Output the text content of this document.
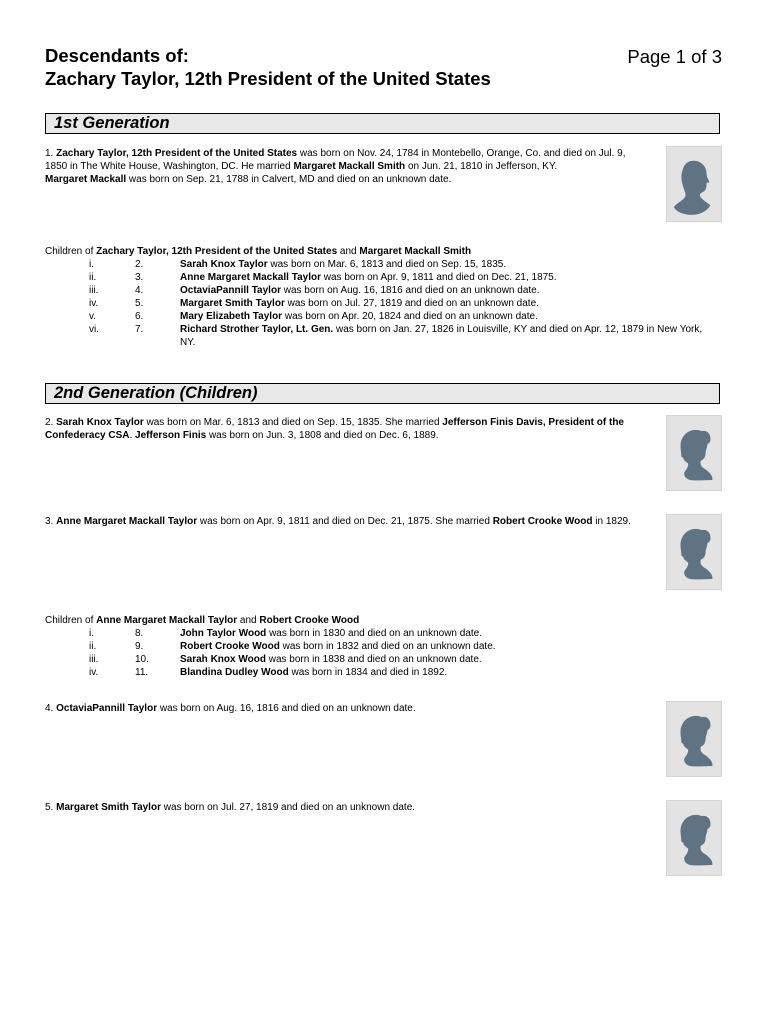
Descendants of:
Zachary Taylor, 12th President of the United States
Page 1 of 3
1st Generation
1. Zachary Taylor, 12th President of the United States was born on Nov. 24, 1784 in Montebello, Orange, Co. and died on Jul. 9, 1850 in The White House, Washington, DC. He married Margaret Mackall Smith on Jun. 21, 1810 in Jefferson, KY.
Margaret Mackall was born on Sep. 21, 1788 in Calvert, MD and died on an unknown date.
Children of Zachary Taylor, 12th President of the United States and Margaret Mackall Smith
i.	2.	Sarah Knox Taylor was born on Mar. 6, 1813 and died on Sep. 15, 1835.
ii.	3.	Anne Margaret Mackall Taylor was born on Apr. 9, 1811 and died on Dec. 21, 1875.
iii.	4.	OctaviaPannill Taylor was born on Aug. 16, 1816 and died on an unknown date.
iv.	5.	Margaret Smith Taylor was born on Jul. 27, 1819 and died on an unknown date.
v.	6.	Mary Elizabeth Taylor was born on Apr. 20, 1824 and died on an unknown date.
vi.	7.	Richard Strother Taylor, Lt. Gen. was born on Jan. 27, 1826 in Louisville, KY and died on Apr. 12, 1879 in New York, NY.
2nd Generation (Children)
2. Sarah Knox Taylor was born on Mar. 6, 1813 and died on Sep. 15, 1835. She married Jefferson Finis Davis, President of the Confederacy CSA. Jefferson Finis was born on Jun. 3, 1808 and died on Dec. 6, 1889.
3. Anne Margaret Mackall Taylor was born on Apr. 9, 1811 and died on Dec. 21, 1875. She married Robert Crooke Wood in 1829.
Children of Anne Margaret Mackall Taylor and Robert Crooke Wood
i.	8.	John Taylor Wood was born in 1830 and died on an unknown date.
ii.	9.	Robert Crooke Wood was born in 1832 and died on an unknown date.
iii.	10.	Sarah Knox Wood was born in 1838 and died on an unknown date.
iv.	11.	Blandina Dudley Wood was born in 1834 and died in 1892.
4. OctaviaPannill Taylor was born on Aug. 16, 1816 and died on an unknown date.
5. Margaret Smith Taylor was born on Jul. 27, 1819 and died on an unknown date.
